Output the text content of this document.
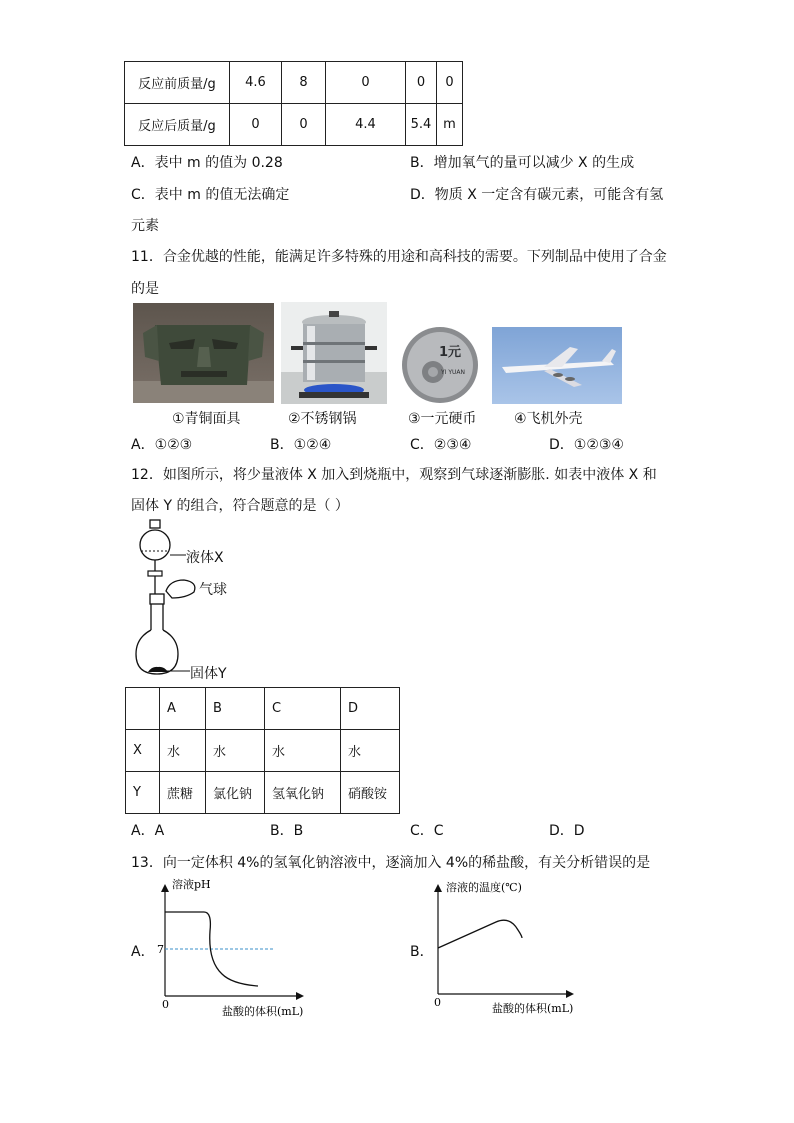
反应前质量/g	4.6	8	0	0	0
反应后质量/g	0	0	4.4	5.4	m
A．表中 m 的值为 0.28	B．增加氧气的量可以减少 X 的生成
C．表中 m 的值无法确定	D．物质 X 一定含有碳元素，可能含有氢
元素
11．合金优越的性能，能满足许多特殊的用途和高科技的需要。下列制品中使用了合金
的是
1元
YI YUAN
①青铜面具	②不锈钢锅	③一元硬币	④飞机外壳
A．①②③	B．①②④	C．②③④	D．①②③④
12．如图所示，将少量液体 X 加入到烧瓶中，观察到气球逐渐膨胀. 如表中液体 X 和
固体 Y 的组合，符合题意的是（ ）
液体X
气球
固体Y
	A	B	C	D
X	水	水	水	水
Y	蔗糖	氯化钠	氢氧化钠	硝酸铵
A．A	B．B	C．C	D．D
13．向一定体积 4%的氢氧化钠溶液中，逐滴加入 4%的稀盐酸，有关分析错误的是
A．
溶液pH
7
0
盐酸的体积(mL)
B．
溶液的温度(℃)
0	盐酸的体积(mL)
